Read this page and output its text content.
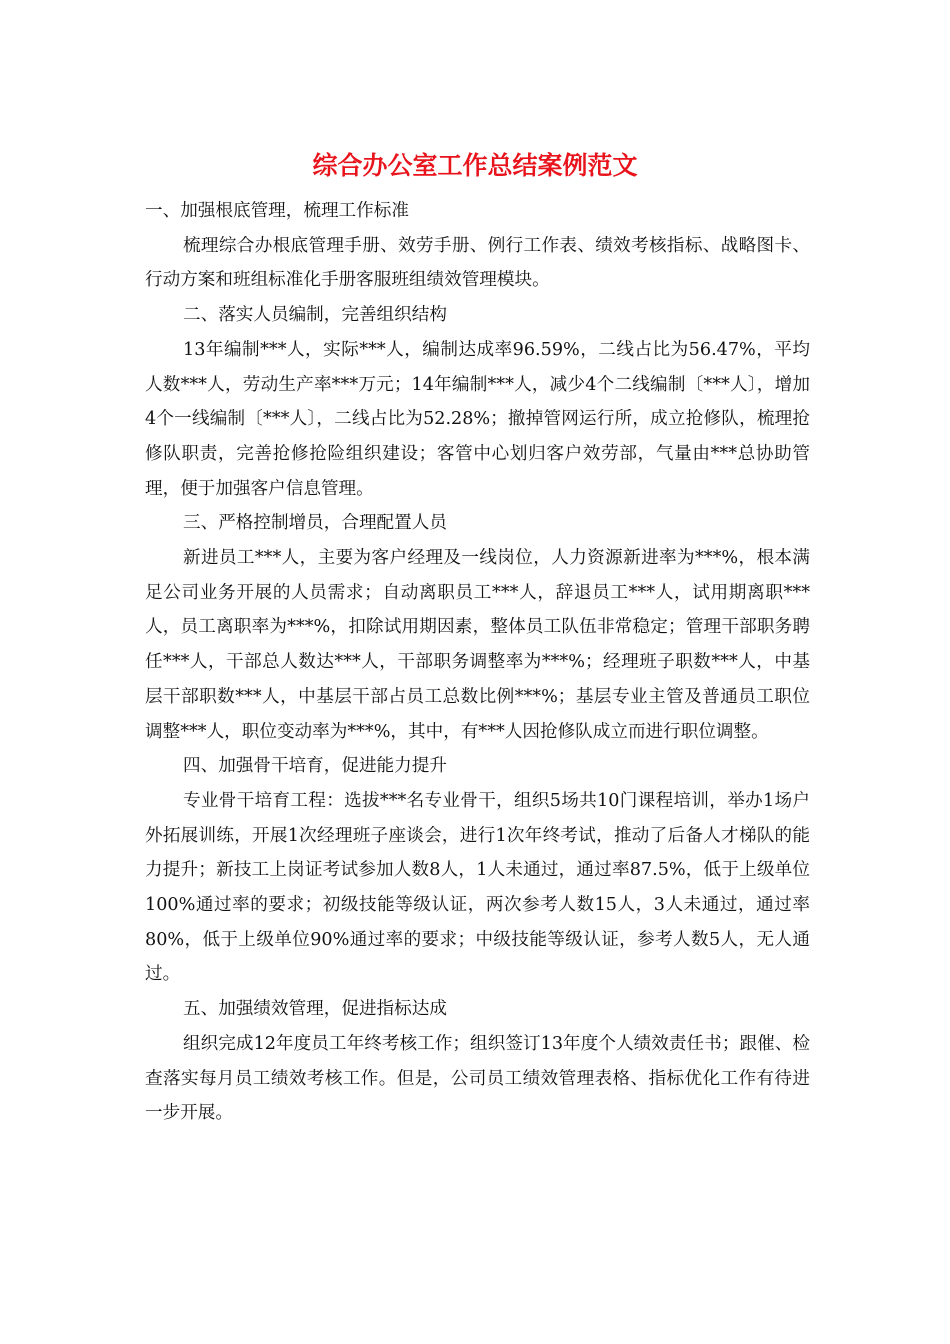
综合办公室工作总结案例范文

一、加强根底管理，梳理工作标准

梳理综合办根底管理手册、效劳手册、例行工作表、绩效考核指标、战略图卡、行动方案和班组标准化手册客服班组绩效管理模块。

二、落实人员编制，完善组织结构

13年编制***人，实际***人，编制达成率96.59%，二线占比为56.47%，平均人数***人，劳动生产率***万元；14年编制***人，减少4个二线编制〔***人〕，增加4个一线编制〔***人〕，二线占比为52.28%；撤掉管网运行所，成立抢修队，梳理抢修队职责，完善抢修抢险组织建设；客管中心划归客户效劳部，气量由***总协助管理，便于加强客户信息管理。

三、严格控制增员，合理配置人员

新进员工***人，主要为客户经理及一线岗位，人力资源新进率为***%，根本满足公司业务开展的人员需求；自动离职员工***人，辞退员工***人，试用期离职***人，员工离职率为***%，扣除试用期因素，整体员工队伍非常稳定；管理干部职务聘任***人，干部总人数达***人，干部职务调整率为***%；经理班子职数***人，中基层干部职数***人，中基层干部占员工总数比例***%；基层专业主管及普通员工职位调整***人，职位变动率为***%，其中，有***人因抢修队成立而进行职位调整。

四、加强骨干培育，促进能力提升

专业骨干培育工程：选拔***名专业骨干，组织5场共10门课程培训，举办1场户外拓展训练，开展1次经理班子座谈会，进行1次年终考试，推动了后备人才梯队的能力提升；新技工上岗证考试参加人数8人，1人未通过，通过率87.5%，低于上级单位100%通过率的要求；初级技能等级认证，两次参考人数15人，3人未通过，通过率80%，低于上级单位90%通过率的要求；中级技能等级认证，参考人数5人，无人通过。

五、加强绩效管理，促进指标达成

组织完成12年度员工年终考核工作；组织签订13年度个人绩效责任书；跟催、检查落实每月员工绩效考核工作。但是，公司员工绩效管理表格、指标优化工作有待进一步开展。
